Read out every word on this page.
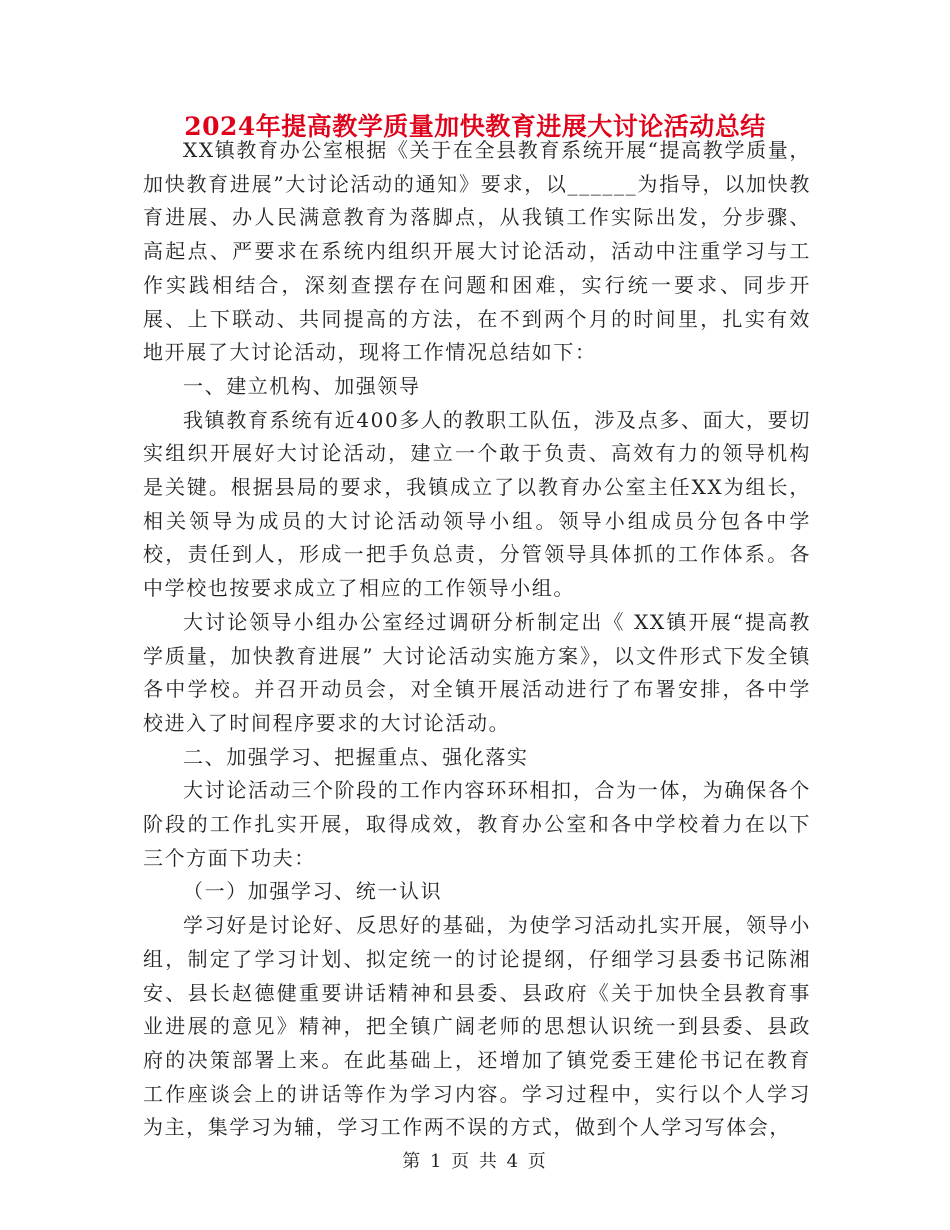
2024年提高教学质量加快教育进展大讨论活动总结

XX镇教育办公室根据《关于在全县教育系统开展“提高教学质量，加快教育进展”大讨论活动的通知》要求，以______为指导，以加快教育进展、办人民满意教育为落脚点，从我镇工作实际出发，分步骤、高起点、严要求在系统内组织开展大讨论活动，活动中注重学习与工作实践相结合，深刻查摆存在问题和困难，实行统一要求、同步开展、上下联动、共同提高的方法，在不到两个月的时间里，扎实有效地开展了大讨论活动，现将工作情况总结如下：

一、建立机构、加强领导

我镇教育系统有近400多人的教职工队伍，涉及点多、面大，要切实组织开展好大讨论活动，建立一个敢于负责、高效有力的领导机构是关键。根据县局的要求，我镇成立了以教育办公室主任XX为组长，相关领导为成员的大讨论活动领导小组。领导小组成员分包各中学校，责任到人，形成一把手负总责，分管领导具体抓的工作体系。各中学校也按要求成立了相应的工作领导小组。

大讨论领导小组办公室经过调研分析制定出《 XX镇开展“提高教学质量，加快教育进展” 大讨论活动实施方案》，以文件形式下发全镇各中学校。并召开动员会，对全镇开展活动进行了布署安排，各中学校进入了时间程序要求的大讨论活动。

二、加强学习、把握重点、强化落实

大讨论活动三个阶段的工作内容环环相扣，合为一体，为确保各个阶段的工作扎实开展，取得成效，教育办公室和各中学校着力在以下三个方面下功夫：

（一）加强学习、统一认识

学习好是讨论好、反思好的基础，为使学习活动扎实开展，领导小组，制定了学习计划、拟定统一的讨论提纲，仔细学习县委书记陈湘安、县长赵德健重要讲话精神和县委、县政府《关于加快全县教育事业进展的意见》精神，把全镇广阔老师的思想认识统一到县委、县政府的决策部署上来。在此基础上，还增加了镇党委王建伦书记在教育工作座谈会上的讲话等作为学习内容。学习过程中，实行以个人学习为主，集学习为辅，学习工作两不误的方式，做到个人学习写体会，

第 1 页 共 4 页
